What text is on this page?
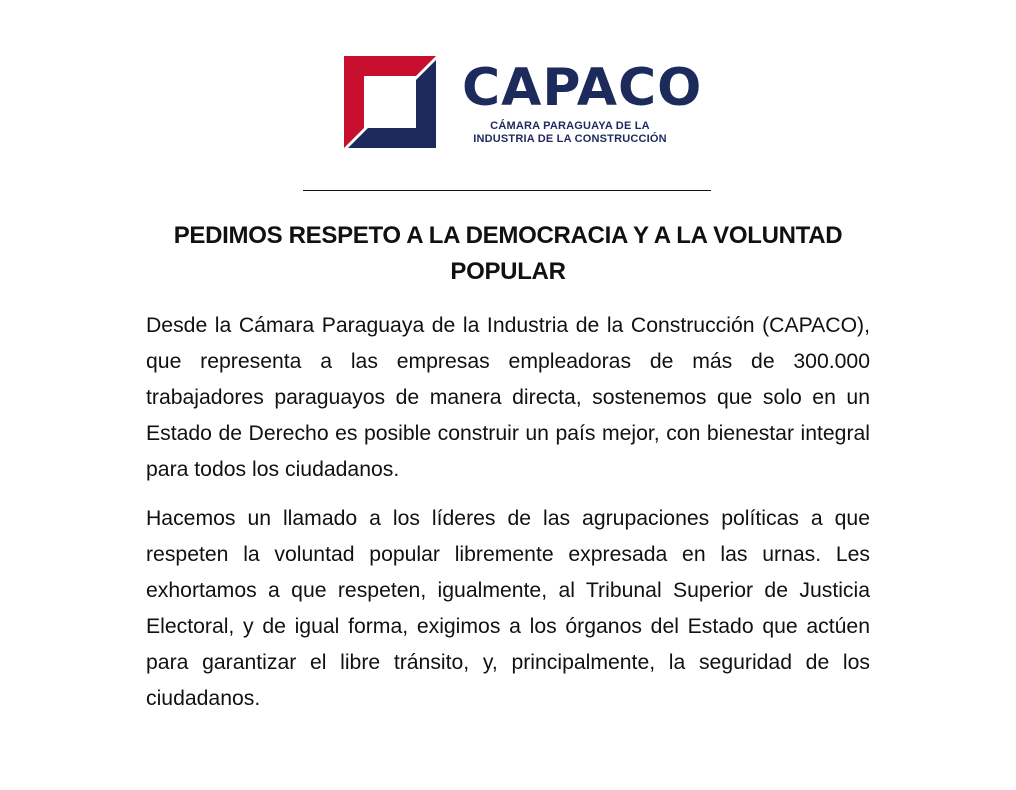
CAPACO
CÁMARA PARAGUAYA DE LA
INDUSTRIA DE LA CONSTRUCCIÓN
PEDIMOS RESPETO A LA DEMOCRACIA Y A LA VOLUNTAD POPULAR

Desde la Cámara Paraguaya de la Industria de la Construcción (CAPACO), que representa a las empresas empleadoras de más de 300.000 trabajadores paraguayos de manera directa, sostenemos que solo en un Estado de Derecho es posible construir un país mejor, con bienestar integral para todos los ciudadanos.

Hacemos un llamado a los líderes de las agrupaciones políticas a que respeten la voluntad popular libremente expresada en las urnas. Les exhortamos a que respeten, igualmente, al Tribunal Superior de Justicia Electoral, y de igual forma, exigimos a los órganos del Estado que actúen para garantizar el libre tránsito, y, principalmente, la seguridad de los ciudadanos.
